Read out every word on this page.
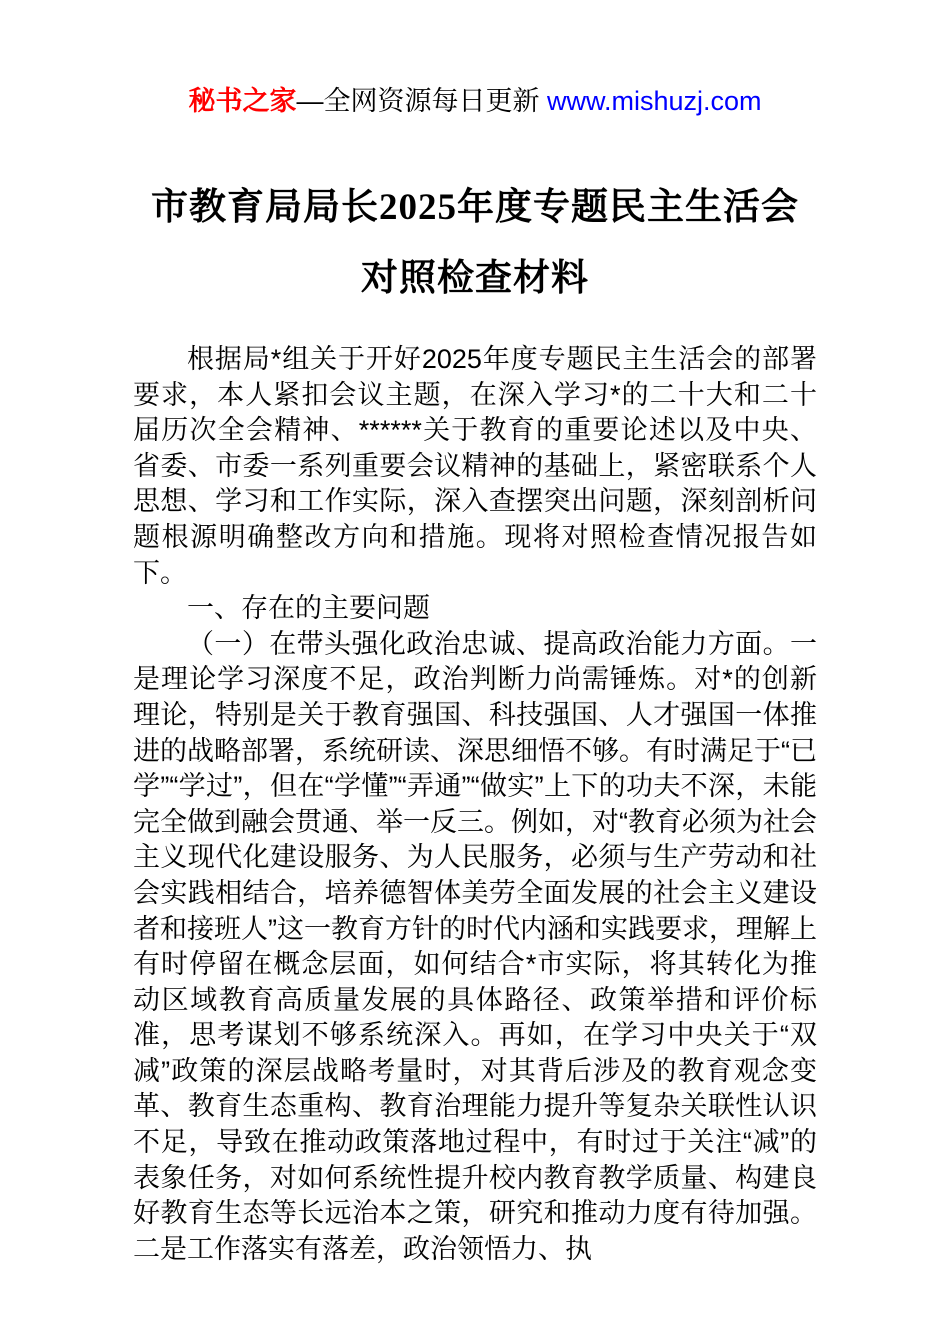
秘书之家—全网资源每日更新 www.mishuzj.com
市教育局局长2025年度专题民主生活会
对照检查材料

根据局*组关于开好2025年度专题民主生活会的部署要求，本人紧扣会议主题，在深入学习*的二十大和二十届历次全会精神、******关于教育的重要论述以及中央、省委、市委一系列重要会议精神的基础上，紧密联系个人思想、学习和工作实际，深入查摆突出问题，深刻剖析问题根源明确整改方向和措施。现将对照检查情况报告如下。

一、存在的主要问题

（一）在带头强化政治忠诚、提高政治能力方面。一是理论学习深度不足，政治判断力尚需锤炼。对*的创新理论，特别是关于教育强国、科技强国、人才强国一体推进的战略部署，系统研读、深思细悟不够。有时满足于“已学”“学过”，但在“学懂”“弄通”“做实”上下的功夫不深，未能完全做到融会贯通、举一反三。例如，对“教育必须为社会主义现代化建设服务、为人民服务，必须与生产劳动和社会实践相结合，培养德智体美劳全面发展的社会主义建设者和接班人”这一教育方针的时代内涵和实践要求，理解上有时停留在概念层面，如何结合*市实际，将其转化为推动区域教育高质量发展的具体路径、政策举措和评价标准，思考谋划不够系统深入。再如，在学习中央关于“双减”政策的深层战略考量时，对其背后涉及的教育观念变革、教育生态重构、教育治理能力提升等复杂关联性认识不足，导致在推动政策落地过程中，有时过于关注“减”的表象任务，对如何系统性提升校内教育教学质量、构建良好教育生态等长远治本之策，研究和推动力度有待加强。二是工作落实有落差，政治领悟力、执
